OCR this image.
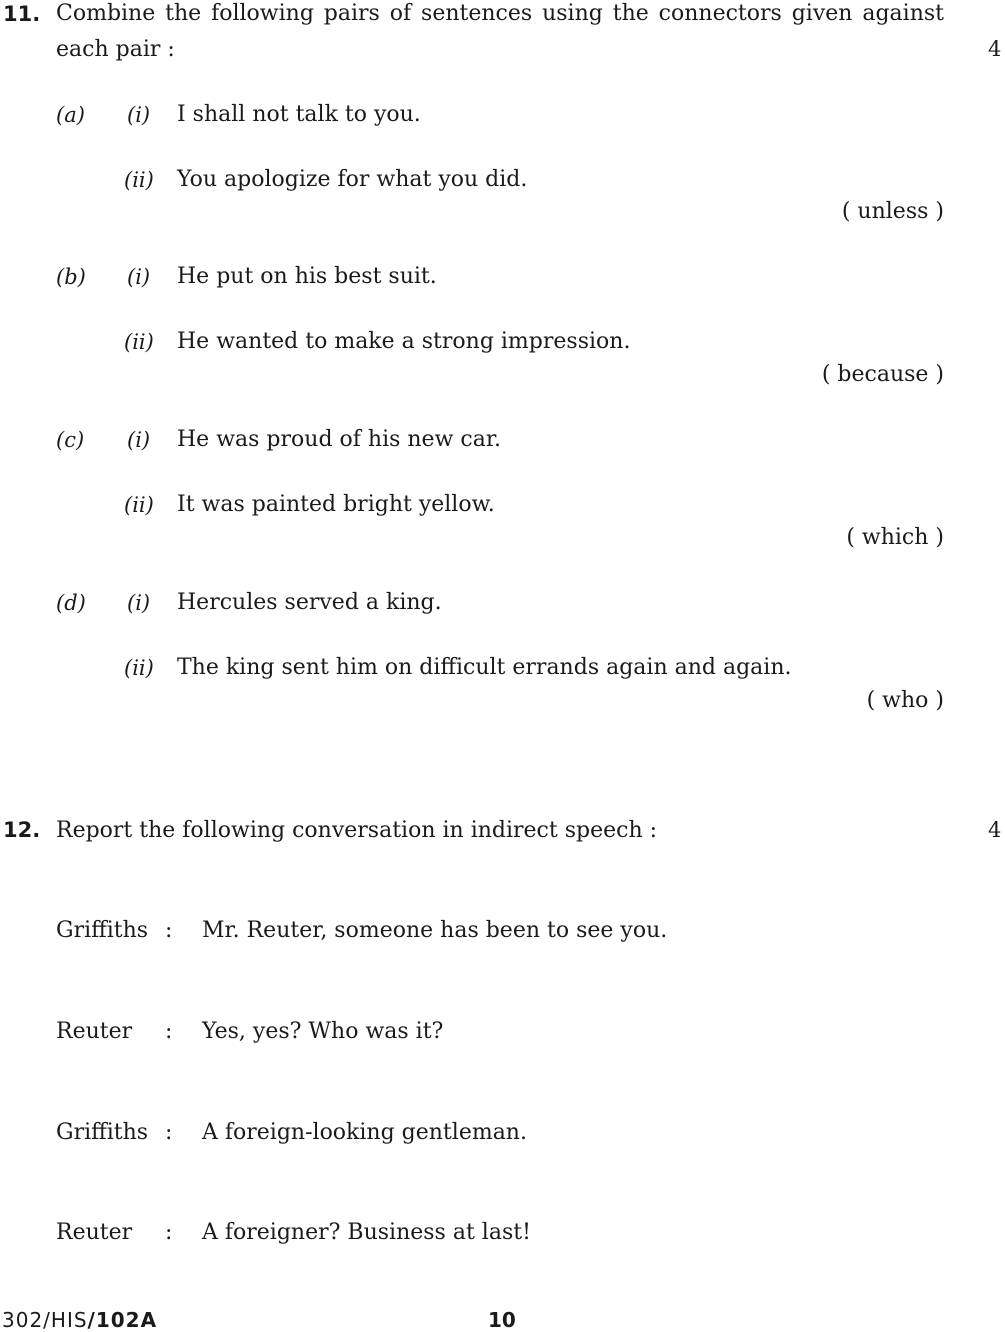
11. Combine the following pairs of sentences using the connectors given against
each pair :	4
(a) (i) I shall not talk to you.
(ii) You apologize for what you did.
( unless )
(b) (i) He put on his best suit.
(ii) He wanted to make a strong impression.
( because )
(c) (i) He was proud of his new car.
(ii) It was painted bright yellow.
( which )
(d) (i) Hercules served a king.
(ii) The king sent him on difficult errands again and again.
( who )
12. Report the following conversation in indirect speech :	4
Griffiths : Mr. Reuter, someone has been to see you.
Reuter : Yes, yes? Who was it?
Griffiths : A foreign-looking gentleman.
Reuter : A foreigner? Business at last!
302/HIS/102A	10
